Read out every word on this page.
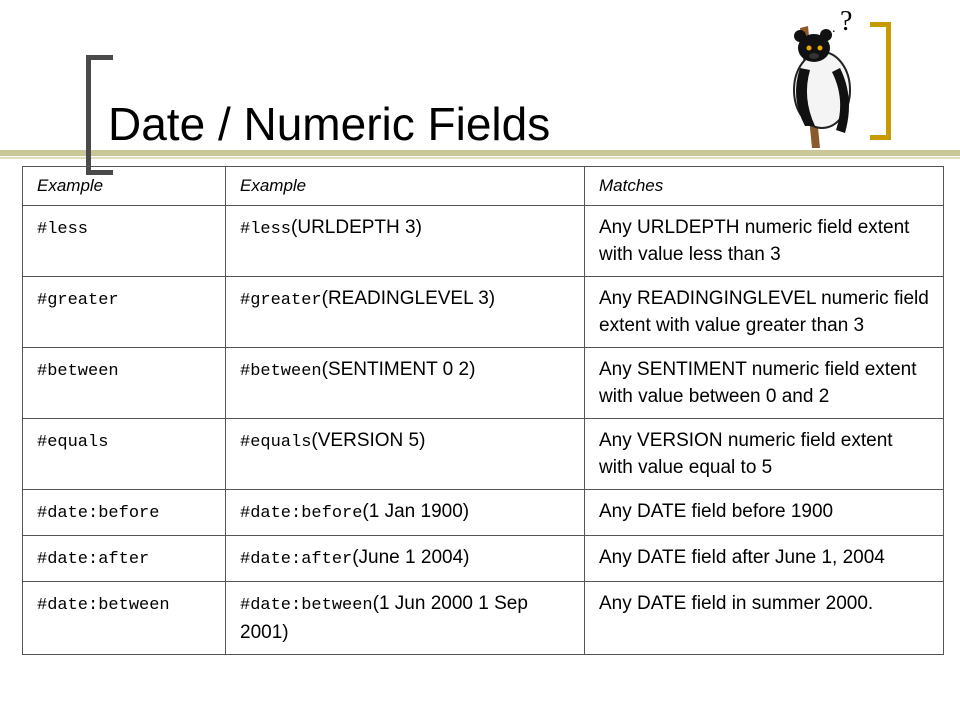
Date / Numeric Fields
?
.
Example	Example	Matches
#less	#less(URLDEPTH 3)	Any URLDEPTH numeric field extent with value less than 3
#greater	#greater(READINGLEVEL 3)	Any READINGINGLEVEL numeric field extent with value greater than 3
#between	#between(SENTIMENT 0 2)	Any SENTIMENT numeric field extent with value between 0 and 2
#equals	#equals(VERSION 5)	Any VERSION numeric field extent with value equal to 5
#date:before	#date:before(1 Jan 1900)	Any DATE field before 1900
#date:after	#date:after(June 1 2004)	Any DATE field after June 1, 2004
#date:between	#date:between(1 Jun 2000 1 Sep 2001)	Any DATE field in summer 2000.
